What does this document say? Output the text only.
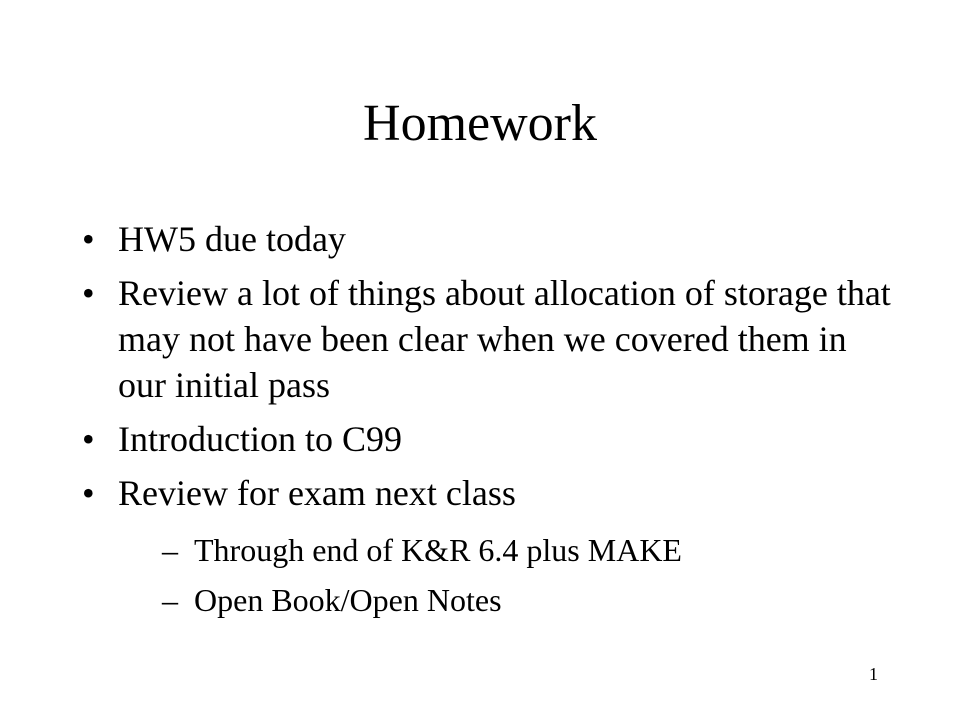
Homework
• HW5 due today
• Review a lot of things about allocation of storage that may not have been clear when we covered them in our initial pass
• Introduction to C99
• Review for exam next class
– Through end of K&R 6.4 plus MAKE
– Open Book/Open Notes
1
